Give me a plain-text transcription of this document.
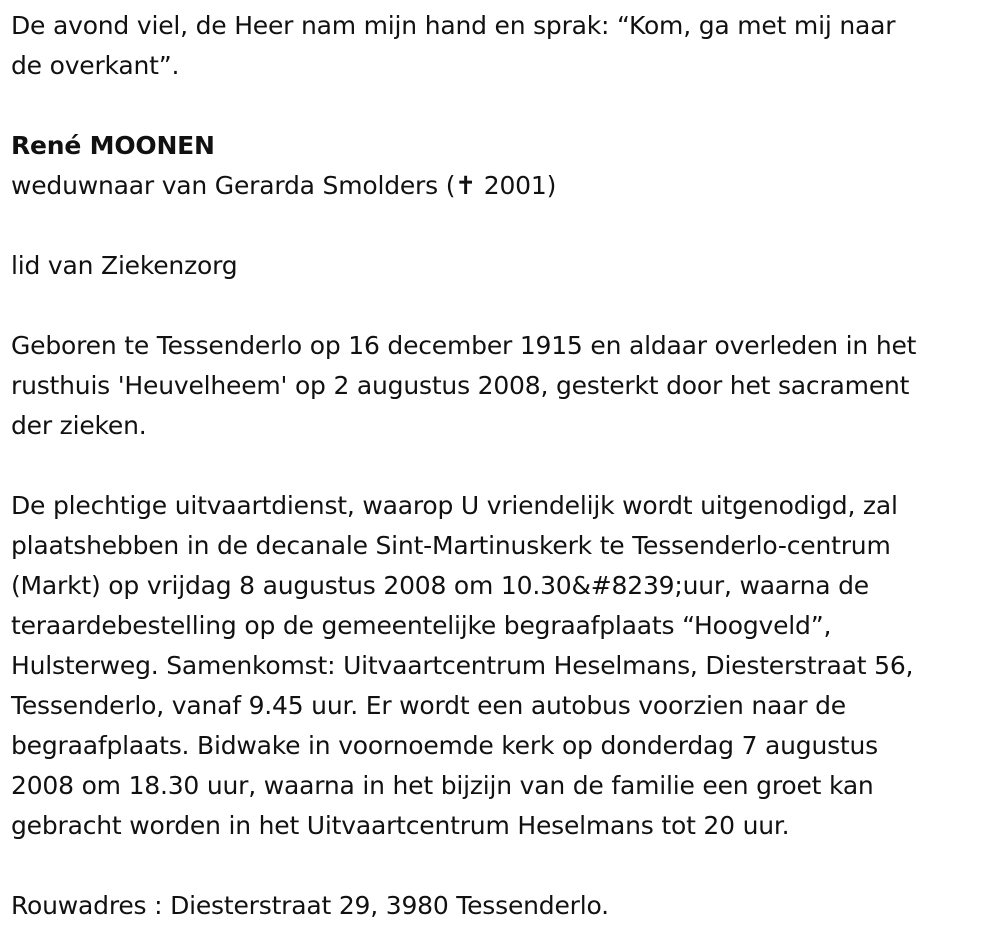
De avond viel, de Heer nam mijn hand en sprak: “Kom, ga met mij naar
de overkant”.
René MOONEN
weduwnaar van Gerarda Smolders (✝ 2001)
lid van Ziekenzorg
Geboren te Tessenderlo op 16 december 1915 en aldaar overleden in het
rusthuis 'Heuvelheem' op 2 augustus 2008, gesterkt door het sacrament
der zieken.
De plechtige uitvaartdienst, waarop U vriendelijk wordt uitgenodigd, zal
plaatshebben in de decanale Sint-Martinuskerk te Tessenderlo-centrum
(Markt) op vrijdag 8 augustus 2008 om 10.30&#8239;uur, waarna de
teraardebestelling op de gemeentelijke begraafplaats “Hoogveld”,
Hulsterweg. Samenkomst: Uitvaartcentrum Heselmans, Diesterstraat 56,
Tessenderlo, vanaf 9.45 uur. Er wordt een autobus voorzien naar de
begraafplaats. Bidwake in voornoemde kerk op donderdag 7 augustus
2008 om 18.30 uur, waarna in het bijzijn van de familie een groet kan
gebracht worden in het Uitvaartcentrum Heselmans tot 20 uur.
Rouwadres : Diesterstraat 29, 3980 Tessenderlo.
